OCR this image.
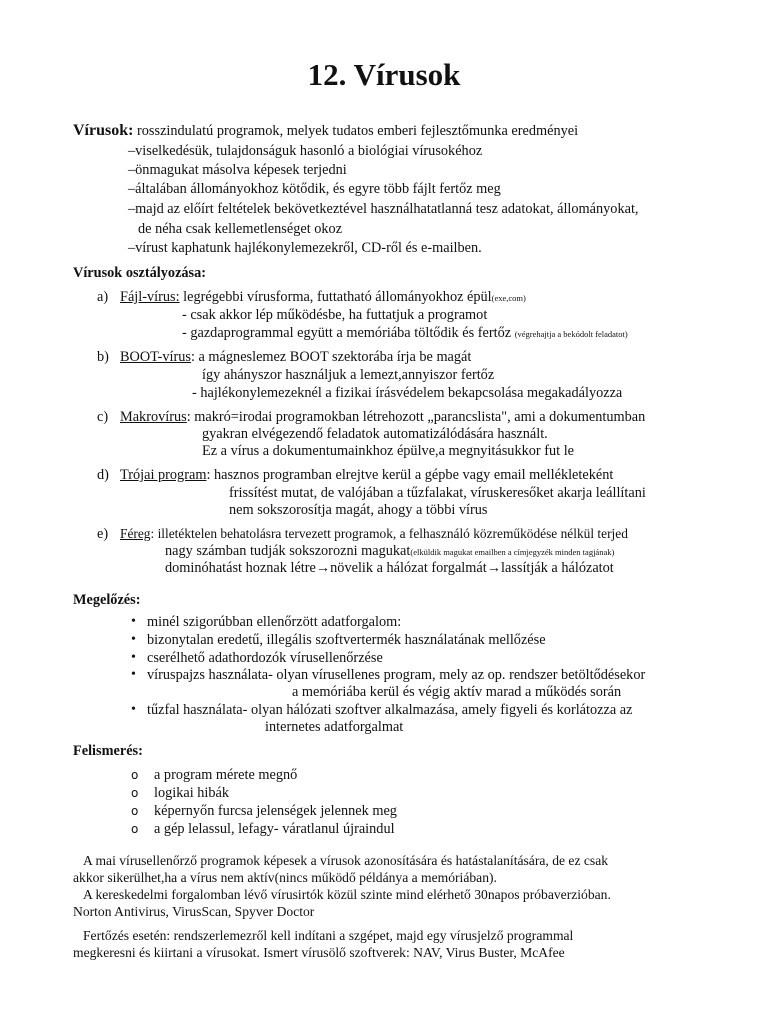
12. Vírusok
Vírusok: rosszindulatú programok, melyek tudatos emberi fejlesztőmunka eredményei
–viselkedésük, tulajdonságuk hasonló a biológiai vírusokéhoz
–önmagukat másolva képesek terjedni
–általában állományokhoz kötődik, és egyre több fájlt fertőz meg
–majd az előírt feltételek bekövetkeztével használhatatlanná tesz adatokat, állományokat,
de néha csak kellemetlenséget okoz
–vírust kaphatunk hajlékonylemezekről, CD-ről és e-mailben.
Vírusok osztályozása:
a) Fájl-vírus: legrégebbi vírusforma, futtatható állományokhoz épül(exe,com)
- csak akkor lép működésbe, ha futtatjuk a programot
- gazdaprogrammal együtt a memóriába töltődik és fertőz (végrehajtja a bekódolt feladatot)
b) BOOT-vírus: a mágneslemez BOOT szektorába írja be magát
így ahányszor használjuk a lemezt,annyiszor fertőz
- hajlékonylemezeknél a fizikai írásvédelem bekapcsolása megakadályozza
c) Makrovírus: makró=irodai programokban létrehozott „parancslista", ami a dokumentumban
gyakran elvégezendő feladatok automatizálódására használt.
Ez a vírus a dokumentumainkhoz épülve,a megnyitásukkor fut le
d) Trójai program: hasznos programban elrejtve kerül a gépbe vagy email mellékleteként
frissítést mutat, de valójában a tűzfalakat, víruskeresőket akarja leállítani
nem sokszorosítja magát, ahogy a többi vírus
e) Féreg: illetéktelen behatolásra tervezett programok, a felhasználó közreműködése nélkül terjed
nagy számban tudják sokszorozni magukat(elküldik magukat emailben a címjegyzék minden tagjának)
dominóhatást hoznak létre→növelik a hálózat forgalmát→lassítják a hálózatot
Megelőzés:
• minél szigorúbban ellenőrzött adatforgalom:
• bizonytalan eredetű, illegális szoftvertermék használatának mellőzése
• cserélhető adathordozók vírusellenőrzése
• víruspajzs használata- olyan vírusellenes program, mely az op. rendszer betöltődésekor
a memóriába kerül és végig aktív marad a működés során
• tűzfal használata- olyan hálózati szoftver alkalmazása, amely figyeli és korlátozza az
internetes adatforgalmat
Felismerés:
o a program mérete megnő
o logikai hibák
o képernyőn furcsa jelenségek jelennek meg
o a gép lelassul, lefagy- váratlanul újraindul
A mai vírusellenőrző programok képesek a vírusok azonosítására és hatástalanítására, de ez csak
akkor sikerülhet,ha a vírus nem aktív(nincs működő példánya a memóriában).
A kereskedelmi forgalomban lévő vírusirtók közül szinte mind elérhető 30napos próbaverzióban.
Norton Antivirus, VirusScan, Spyver Doctor
Fertőzés esetén: rendszerlemezről kell indítani a szgépet, majd egy vírusjelző programmal
megkeresni és kiirtani a vírusokat. Ismert vírusölő szoftverek: NAV, Virus Buster, McAfee
